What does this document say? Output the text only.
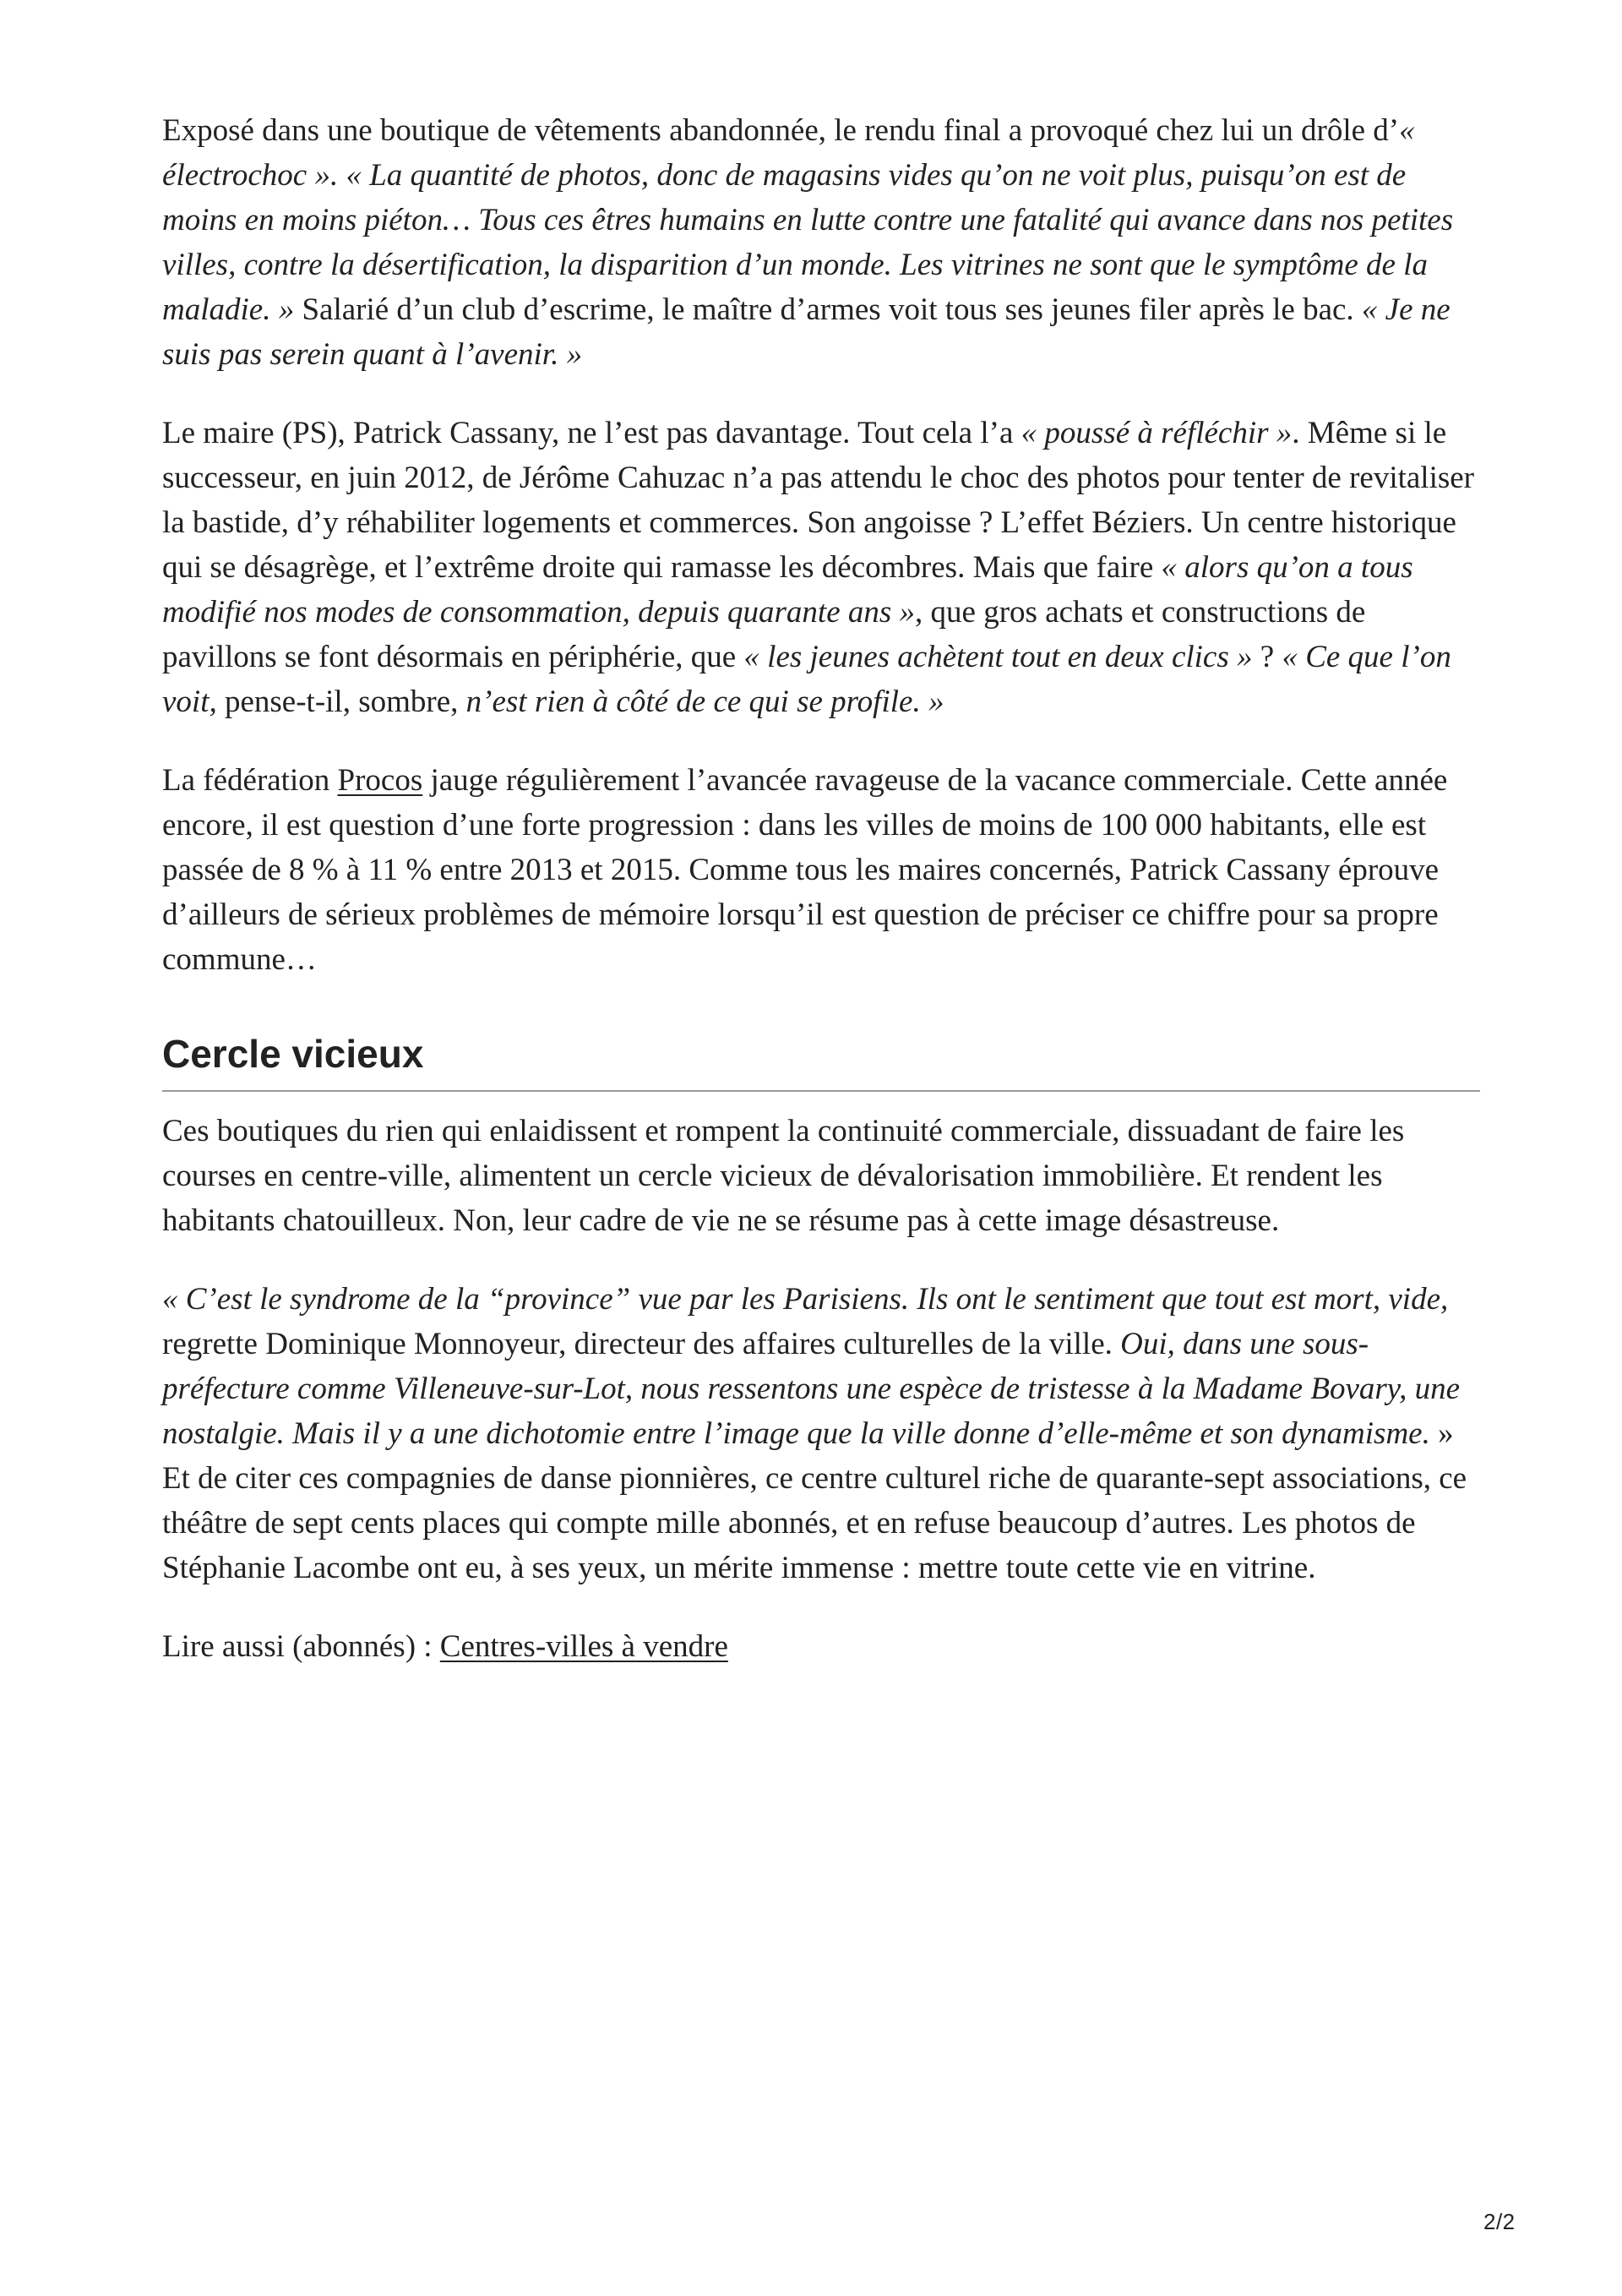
Exposé dans une boutique de vêtements abandonnée, le rendu final a provoqué chez lui un drôle d’« électrochoc ». « La quantité de photos, donc de magasins vides qu’on ne voit plus, puisqu’on est de moins en moins piéton… Tous ces êtres humains en lutte contre une fatalité qui avance dans nos petites villes, contre la désertification, la disparition d’un monde. Les vitrines ne sont que le symptôme de la maladie. » Salarié d’un club d’escrime, le maître d’armes voit tous ses jeunes filer après le bac. « Je ne suis pas serein quant à l’avenir. »

Le maire (PS), Patrick Cassany, ne l’est pas davantage. Tout cela l’a « poussé à réfléchir ». Même si le successeur, en juin 2012, de Jérôme Cahuzac n’a pas attendu le choc des photos pour tenter de revitaliser la bastide, d’y réhabiliter logements et commerces. Son angoisse ? L’effet Béziers. Un centre historique qui se désagrège, et l’extrême droite qui ramasse les décombres. Mais que faire « alors qu’on a tous modifié nos modes de consommation, depuis quarante ans », que gros achats et constructions de pavillons se font désormais en périphérie, que « les jeunes achètent tout en deux clics » ? « Ce que l’on voit, pense-t-il, sombre, n’est rien à côté de ce qui se profile. »

La fédération Procos jauge régulièrement l’avancée ravageuse de la vacance commerciale. Cette année encore, il est question d’une forte progression : dans les villes de moins de 100 000 habitants, elle est passée de 8 % à 11 % entre 2013 et 2015. Comme tous les maires concernés, Patrick Cassany éprouve d’ailleurs de sérieux problèmes de mémoire lorsqu’il est question de préciser ce chiffre pour sa propre commune…

Cercle vicieux

Ces boutiques du rien qui enlaidissent et rompent la continuité commerciale, dissuadant de faire les courses en centre-ville, alimentent un cercle vicieux de dévalorisation immobilière. Et rendent les habitants chatouilleux. Non, leur cadre de vie ne se résume pas à cette image désastreuse.

« C’est le syndrome de la “province” vue par les Parisiens. Ils ont le sentiment que tout est mort, vide, regrette Dominique Monnoyeur, directeur des affaires culturelles de la ville. Oui, dans une sous-préfecture comme Villeneuve-sur-Lot, nous ressentons une espèce de tristesse à la Madame Bovary, une nostalgie. Mais il y a une dichotomie entre l’image que la ville donne d’elle-même et son dynamisme. » Et de citer ces compagnies de danse pionnières, ce centre culturel riche de quarante-sept associations, ce théâtre de sept cents places qui compte mille abonnés, et en refuse beaucoup d’autres. Les photos de Stéphanie Lacombe ont eu, à ses yeux, un mérite immense : mettre toute cette vie en vitrine.

Lire aussi (abonnés) : Centres-villes à vendre

2/2
